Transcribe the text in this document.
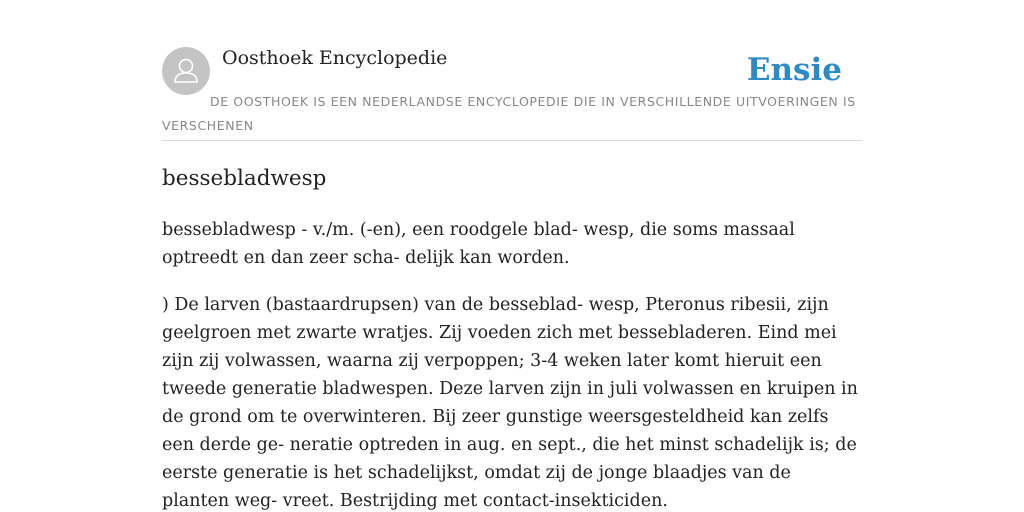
Oosthoek Encyclopedie	Ensie

DE OOSTHOEK IS EEN NEDERLANDSE ENCYCLOPEDIE DIE IN VERSCHILLENDE UITVOERINGEN IS VERSCHENEN

bessebladwesp

bessebladwesp - v./m. (-en), een roodgele blad- wesp, die soms massaal optreedt en dan zeer scha- delijk kan worden.

) De larven (bastaardrupsen) van de besseblad- wesp, Pteronus ribesii, zijn geelgroen met zwarte wratjes. Zij voeden zich met bessebladeren. Eind mei zijn zij volwassen, waarna zij verpoppen; 3-4 weken later komt hieruit een tweede generatie bladwespen. Deze larven zijn in juli volwassen en kruipen in de grond om te overwinteren. Bij zeer gunstige weersgesteldheid kan zelfs een derde ge- neratie optreden in aug. en sept., die het minst schadelijk is; de eerste generatie is het schadelijkst, omdat zij de jonge blaadjes van de planten weg- vreet. Bestrijding met contact-insekticiden.
